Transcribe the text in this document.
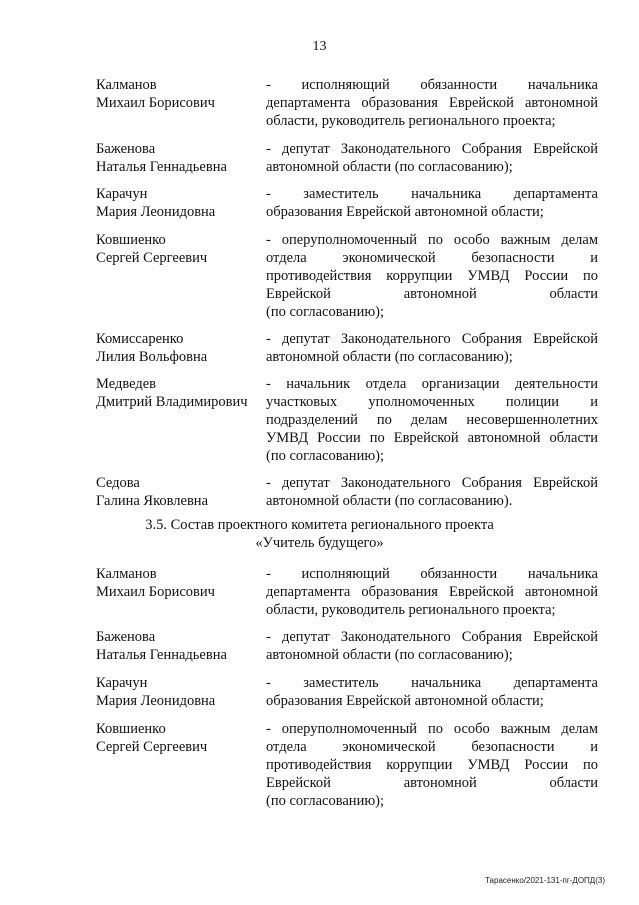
13
Калманов
Михаил Борисович
- исполняющий обязанности начальника
департамента образования Еврейской автономной
области, руководитель регионального проекта;
Баженова
Наталья Геннадьевна
- депутат Законодательного Собрания Еврейской
автономной области (по согласованию);
Карачун
Мария Леонидовна
- заместитель начальника департамента
образования Еврейской автономной области;
Ковшиенко
Сергей Сергеевич
- оперуполномоченный по особо важным делам
отдела экономической безопасности и
противодействия коррупции УМВД России по
Еврейской автономной области
(по согласованию);
Комиссаренко
Лилия Вольфовна
- депутат Законодательного Собрания Еврейской
автономной области (по согласованию);
Медведев
Дмитрий Владимирович
- начальник отдела организации деятельности
участковых уполномоченных полиции и
подразделений по делам несовершеннолетних
УМВД России по Еврейской автономной области
(по согласованию);
Седова
Галина Яковлевна
- депутат Законодательного Собрания Еврейской
автономной области (по согласованию).
3.5. Состав проектного комитета регионального проекта
«Учитель будущего»
Калманов
Михаил Борисович
- исполняющий обязанности начальника
департамента образования Еврейской автономной
области, руководитель регионального проекта;
Баженова
Наталья Геннадьевна
- депутат Законодательного Собрания Еврейской
автономной области (по согласованию);
Карачун
Мария Леонидовна
- заместитель начальника департамента
образования Еврейской автономной области;
Ковшиенко
Сергей Сергеевич
- оперуполномоченный по особо важным делам
отдела экономической безопасности и
противодействия коррупции УМВД России по
Еврейской автономной области
(по согласованию);
Тарасенко/2021-131-пг-ДОПД(3)
